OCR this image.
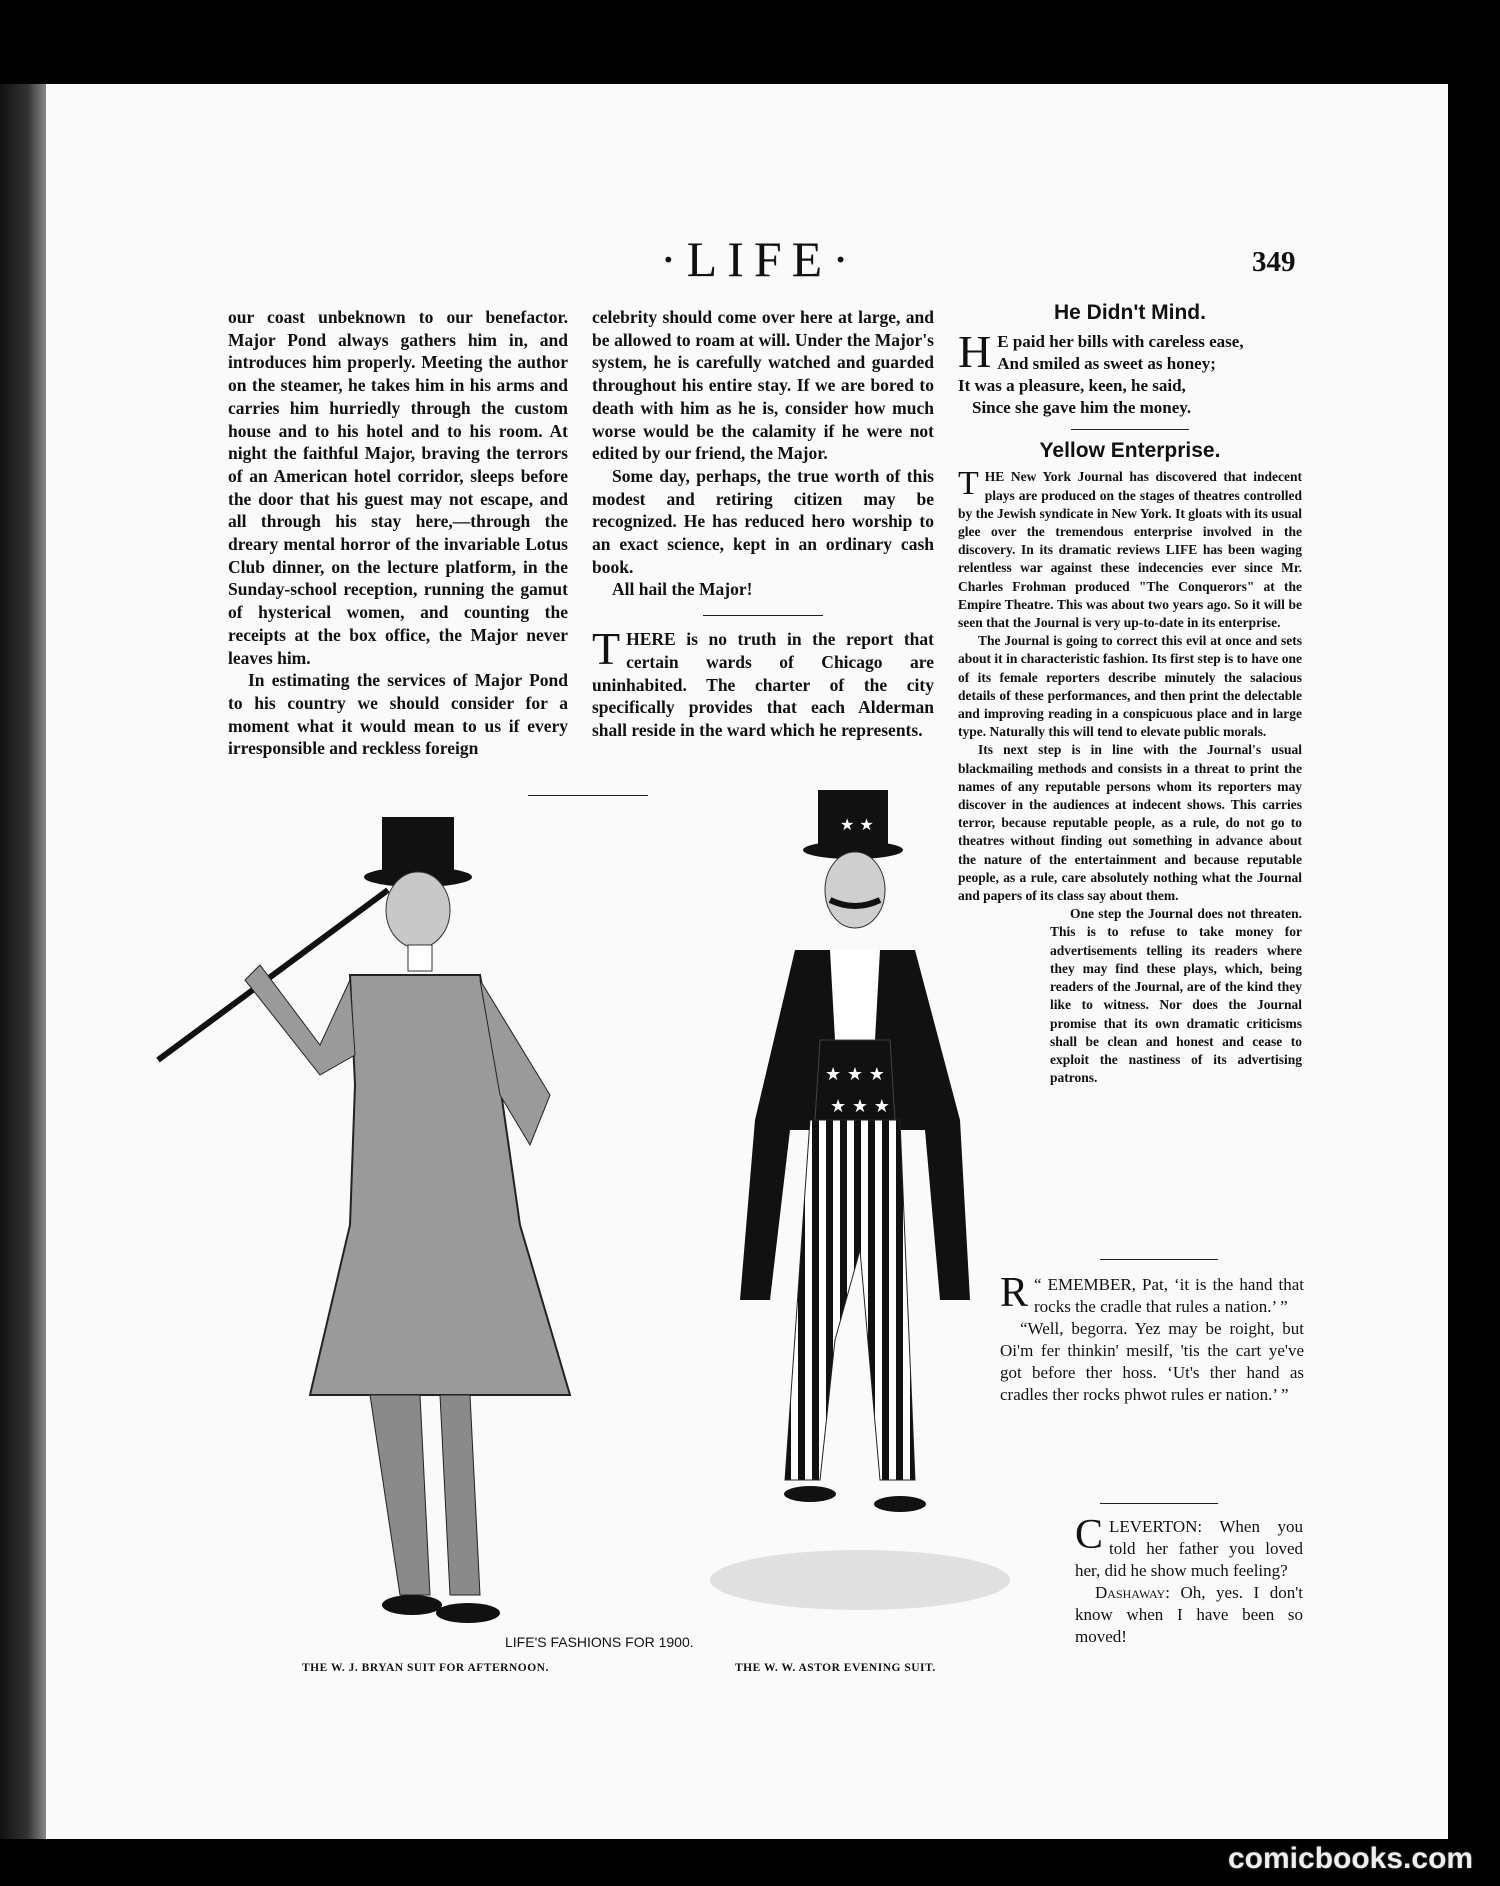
·LIFE·	349

our coast unbeknown to our benefactor. Major Pond always gathers him in, and introduces him properly. Meeting the author on the steamer, he takes him in his arms and carries him hurriedly through the custom house and to his hotel and to his room. At night the faithful Major, braving the terrors of an American hotel corridor, sleeps before the door that his guest may not escape, and all through his stay here,—through the dreary mental horror of the invariable Lotus Club dinner, on the lecture platform, in the Sunday-school reception, running the gamut of hysterical women, and counting the receipts at the box office, the Major never leaves him.

In estimating the services of Major Pond to his country we should consider for a moment what it would mean to us if every irresponsible and reckless foreign

celebrity should come over here at large, and be allowed to roam at will. Under the Major's system, he is carefully watched and guarded throughout his entire stay. If we are bored to death with him as he is, consider how much worse would be the calamity if he were not edited by our friend, the Major.

Some day, perhaps, the true worth of this modest and retiring citizen may be recognized. He has reduced hero worship to an exact science, kept in an ordinary cash book.

All hail the Major!

THERE is no truth in the report that certain wards of Chicago are uninhabited. The charter of the city specifically provides that each Alderman shall reside in the ward which he represents.

He Didn't Mind.
H E paid her bills with careless ease,
And smiled as sweet as honey;
It was a pleasure, keen, he said,
Since she gave him the money.
Yellow Enterprise.

THE New York Journal has discovered that indecent plays are produced on the stages of theatres controlled by the Jewish syndicate in New York. It gloats with its usual glee over the tremendous enterprise involved in the discovery. In its dramatic reviews LIFE has been waging relentless war against these indecencies ever since Mr. Charles Frohman produced "The Conquerors" at the Empire Theatre. This was about two years ago. So it will be seen that the Journal is very up-to-date in its enterprise.

The Journal is going to correct this evil at once and sets about it in characteristic fashion. Its first step is to have one of its female reporters describe minutely the salacious details of these performances, and then print the delectable and improving reading in a conspicuous place and in large type. Naturally this will tend to elevate public morals.

Its next step is in line with the Journal's usual blackmailing methods and consists in a threat to print the names of any reputable persons whom its reporters may discover in the audiences at indecent shows. This carries terror, because reputable people, as a rule, do not go to theatres without finding out something in advance about the nature of the entertainment and because reputable people, as a rule, care absolutely nothing what the Journal and papers of its class say about them.

One step the Journal does not threaten. This is to refuse to take money for advertisements telling its readers where they may find these plays, which, being readers of the Journal, are of the kind they like to witness. Nor does the Journal promise that its own dramatic criticisms shall be clean and honest and cease to exploit the nastiness of its advertising patrons.

R “ EMEMBER, Pat, ‘it is the hand that rocks the cradle that rules a nation.’ ”

“Well, begorra. Yez may be roight, but Oi'm fer thinkin' mesilf, 'tis the cart ye've got before ther hoss. ‘Ut's ther hand as cradles ther rocks phwot rules er nation.’ ”

CLEVERTON: When you told her father you loved her, did he show much feeling?

Dashaway: Oh, yes. I don't know when I have been so moved!

★ ★
★ ★ ★
★ ★ ★
LIFE'S FASHIONS FOR 1900.
THE W. J. BRYAN SUIT FOR AFTERNOON.	THE W. W. ASTOR EVENING SUIT.
comicbooks.com
